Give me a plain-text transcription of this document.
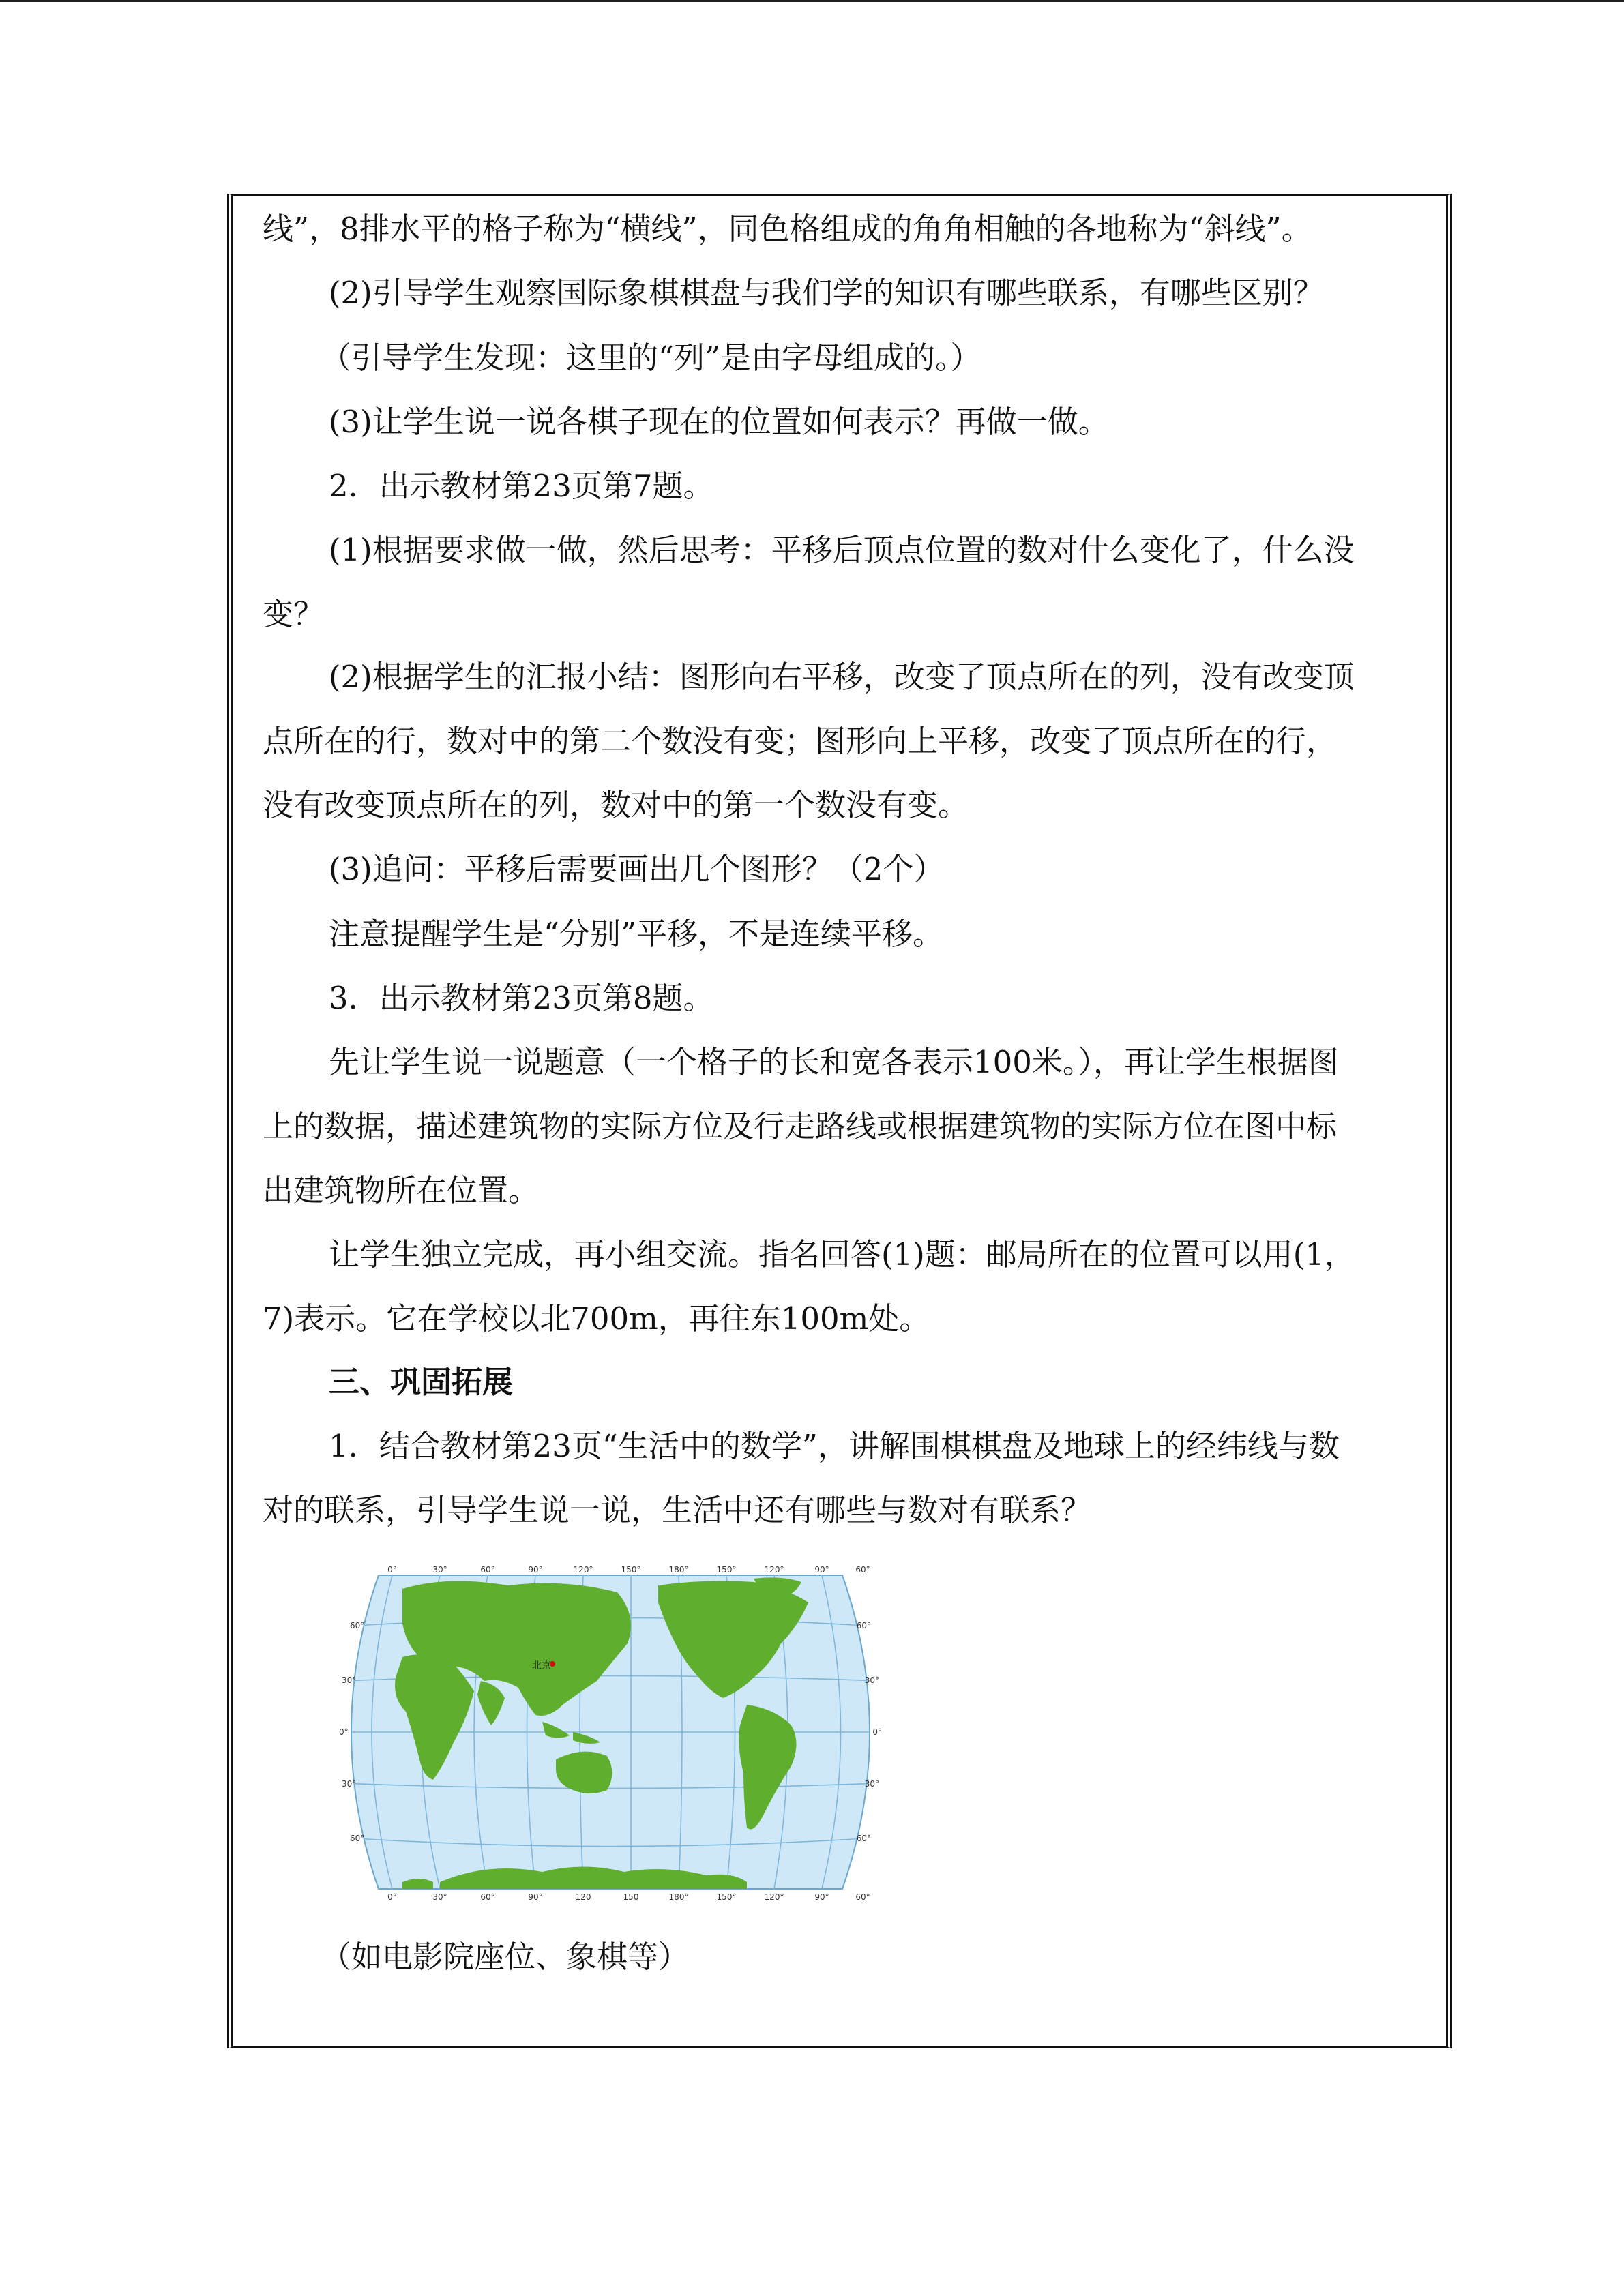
线”，8排水平的格子称为“横线”，同色格组成的角角相触的各地称为“斜线”。
(2)引导学生观察国际象棋棋盘与我们学的知识有哪些联系，有哪些区别？
（引导学生发现：这里的“列”是由字母组成的。）
(3)让学生说一说各棋子现在的位置如何表示？再做一做。
2．出示教材第23页第7题。
(1)根据要求做一做，然后思考：平移后顶点位置的数对什么变化了，什么没
变？
(2)根据学生的汇报小结：图形向右平移，改变了顶点所在的列，没有改变顶
点所在的行，数对中的第二个数没有变；图形向上平移，改变了顶点所在的行，
没有改变顶点所在的列，数对中的第一个数没有变。
(3)追问：平移后需要画出几个图形？（2个）
注意提醒学生是“分别”平移，不是连续平移。
3．出示教材第23页第8题。
先让学生说一说题意（一个格子的长和宽各表示100米。），再让学生根据图
上的数据，描述建筑物的实际方位及行走路线或根据建筑物的实际方位在图中标
出建筑物所在位置。
让学生独立完成，再小组交流。指名回答(1)题：邮局所在的位置可以用(1，
7)表示。它在学校以北700m，再往东100m处。
三、巩固拓展
1．结合教材第23页“生活中的数学”，讲解围棋棋盘及地球上的经纬线与数
对的联系，引导学生说一说，生活中还有哪些与数对有联系？
（如电影院座位、象棋等）
北京
0°	30°	60°	90°	120°	150°	180°	150°	120°	90°	60°
0°	30°	60°	90°	120	150	180°	150°	120°	90°	60°
60°
30°
0°
30°
60°
60°
30°
0°
30°
60°
